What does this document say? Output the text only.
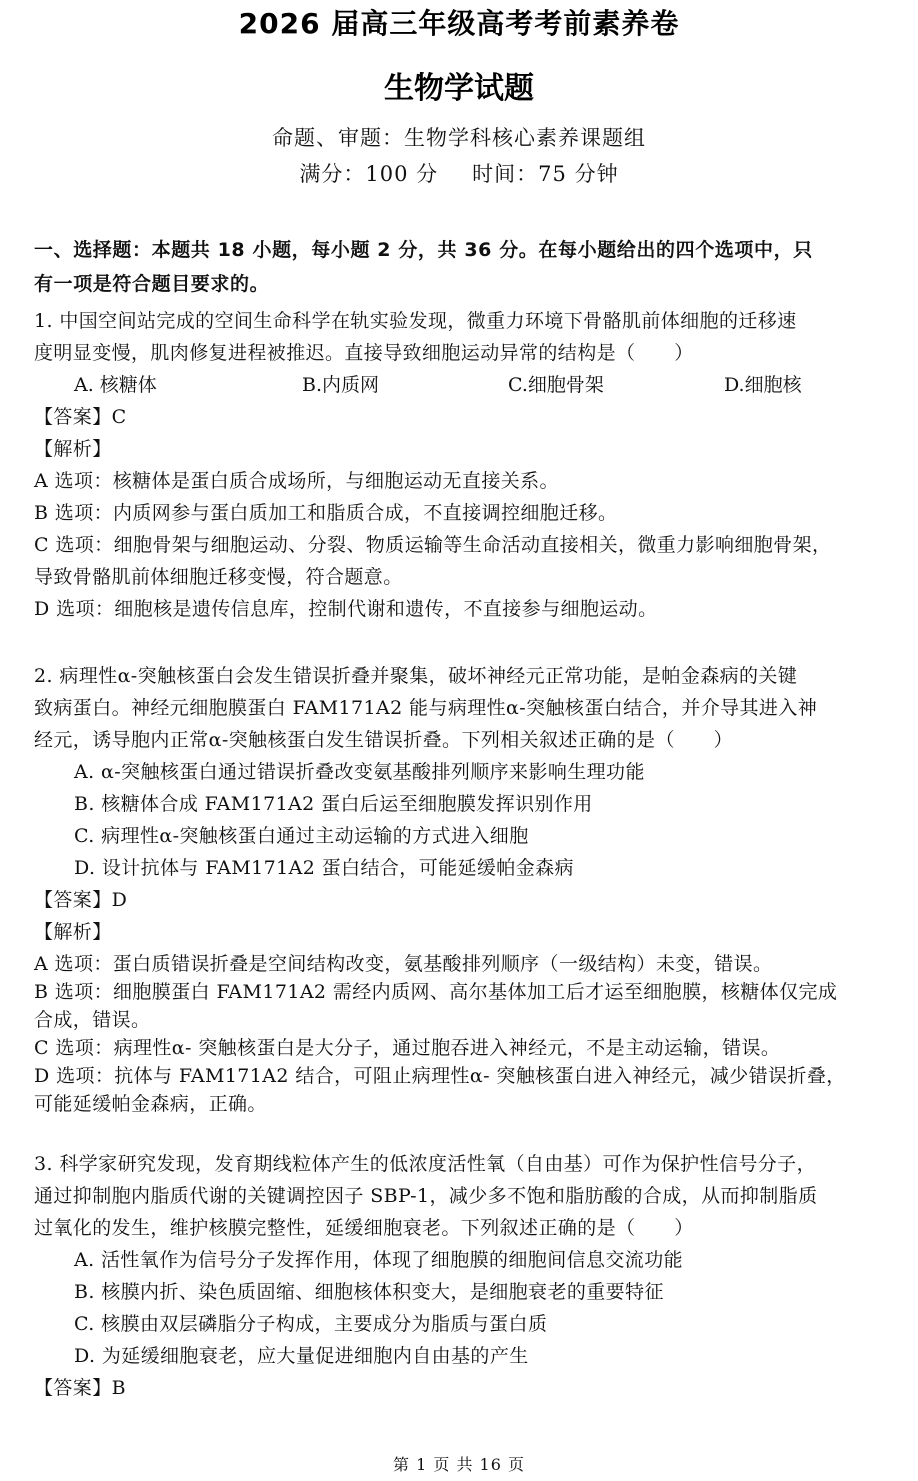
2026 届高三年级高考考前素养卷
生物学试题
命题、审题：生物学科核心素养课题组
满分：100 分 时间：75 分钟
一、选择题：本题共 18 小题，每小题 2 分，共 36 分。在每小题给出的四个选项中，只
有一项是符合题目要求的。
1. 中国空间站完成的空间生命科学在轨实验发现，微重力环境下骨骼肌前体细胞的迁移速
度明显变慢，肌肉修复进程被推迟。直接导致细胞运动异常的结构是（　　）
A. 核糖体	B.内质网	C.细胞骨架	D.细胞核
【答案】C
【解析】
A 选项：核糖体是蛋白质合成场所，与细胞运动无直接关系。
B 选项：内质网参与蛋白质加工和脂质合成，不直接调控细胞迁移。
C 选项：细胞骨架与细胞运动、分裂、物质运输等生命活动直接相关，微重力影响细胞骨架，
导致骨骼肌前体细胞迁移变慢，符合题意。
D 选项：细胞核是遗传信息库，控制代谢和遗传，不直接参与细胞运动。
2. 病理性α-突触核蛋白会发生错误折叠并聚集，破坏神经元正常功能，是帕金森病的关键
致病蛋白。神经元细胞膜蛋白 FAM171A2 能与病理性α-突触核蛋白结合，并介导其进入神
经元，诱导胞内正常α-突触核蛋白发生错误折叠。下列相关叙述正确的是（　　）
A. α-突触核蛋白通过错误折叠改变氨基酸排列顺序来影响生理功能
B. 核糖体合成 FAM171A2 蛋白后运至细胞膜发挥识别作用
C. 病理性α-突触核蛋白通过主动运输的方式进入细胞
D. 设计抗体与 FAM171A2 蛋白结合，可能延缓帕金森病
【答案】D
【解析】
A 选项：蛋白质错误折叠是空间结构改变，氨基酸排列顺序（一级结构）未变，错误。
B 选项：细胞膜蛋白 FAM171A2 需经内质网、高尔基体加工后才运至细胞膜，核糖体仅完成
合成，错误。
C 选项：病理性α- 突触核蛋白是大分子，通过胞吞进入神经元，不是主动运输，错误。
D 选项：抗体与 FAM171A2 结合，可阻止病理性α- 突触核蛋白进入神经元，减少错误折叠，
可能延缓帕金森病，正确。
3. 科学家研究发现，发育期线粒体产生的低浓度活性氧（自由基）可作为保护性信号分子，
通过抑制胞内脂质代谢的关键调控因子 SBP-1，减少多不饱和脂肪酸的合成，从而抑制脂质
过氧化的发生，维护核膜完整性，延缓细胞衰老。下列叙述正确的是（　　）
A. 活性氧作为信号分子发挥作用，体现了细胞膜的细胞间信息交流功能
B. 核膜内折、染色质固缩、细胞核体积变大，是细胞衰老的重要特征
C. 核膜由双层磷脂分子构成，主要成分为脂质与蛋白质
D. 为延缓细胞衰老，应大量促进细胞内自由基的产生
【答案】B
第 1 页 共 16 页
